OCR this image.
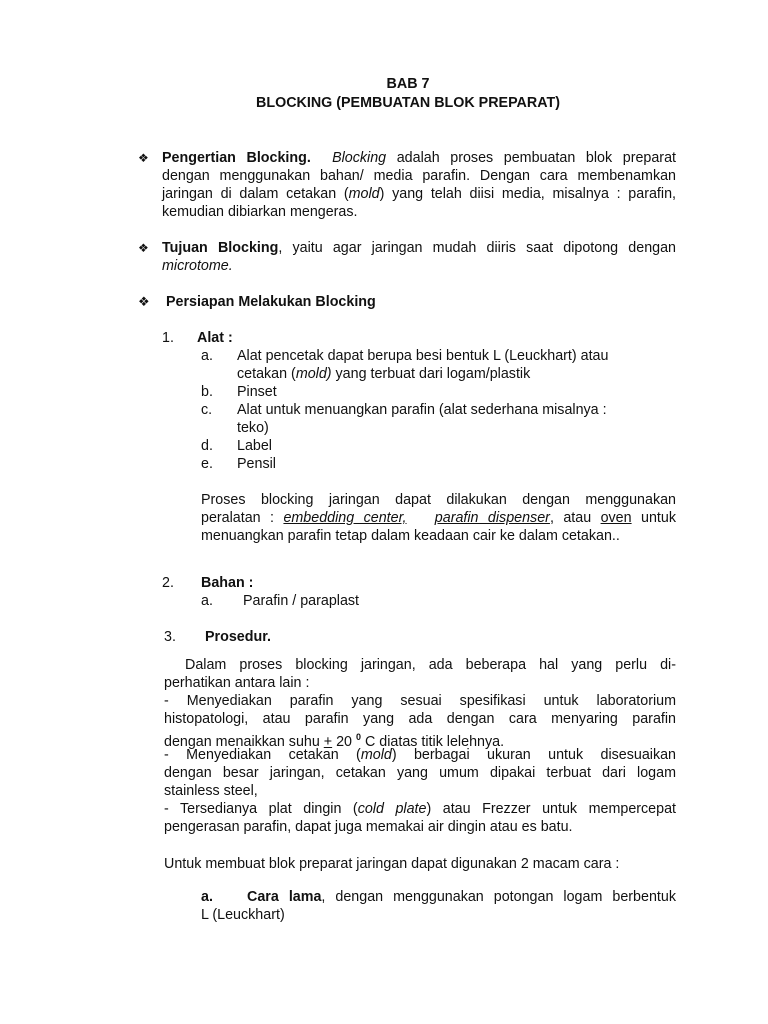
BAB 7
BLOCKING (PEMBUATAN BLOK PREPARAT)
❖ Pengertian Blocking. Blocking adalah proses pembuatan blok preparat
dengan menggunakan bahan/ media parafin. Dengan cara membenamkan
jaringan di dalam cetakan (mold) yang telah diisi media, misalnya : parafin,
kemudian dibiarkan mengeras.
❖ Tujuan Blocking, yaitu agar jaringan mudah diiris saat dipotong dengan
microtome.
❖ Persiapan Melakukan Blocking
1. Alat :
a. Alat pencetak dapat berupa besi bentuk L (Leuckhart) atau
cetakan (mold) yang terbuat dari logam/plastik
b. Pinset
c. Alat untuk menuangkan parafin (alat sederhana misalnya :
teko)
d. Label
e. Pensil
Proses blocking jaringan dapat dilakukan dengan menggunakan
peralatan : embedding center, parafin dispenser, atau oven untuk
menuangkan parafin tetap dalam keadaan cair ke dalam cetakan..
2. Bahan :
a. Parafin / paraplast
3. Prosedur.
Dalam proses blocking jaringan, ada beberapa hal yang perlu di-
perhatikan antara lain :
- Menyediakan parafin yang sesuai spesifikasi untuk laboratorium
histopatologi, atau parafin yang ada dengan cara menyaring parafin
dengan menaikkan suhu + 20 $^0$ C diatas titik lelehnya.
- Menyediakan cetakan (mold) berbagai ukuran untuk disesuaikan
dengan besar jaringan, cetakan yang umum dipakai terbuat dari logam
stainless steel,
- Tersedianya plat dingin (cold plate) atau Frezzer untuk mempercepat
pengerasan parafin, dapat juga memakai air dingin atau es batu.
Untuk membuat blok preparat jaringan dapat digunakan 2 macam cara :
a. Cara lama, dengan menggunakan potongan logam berbentuk
L (Leuckhart)
